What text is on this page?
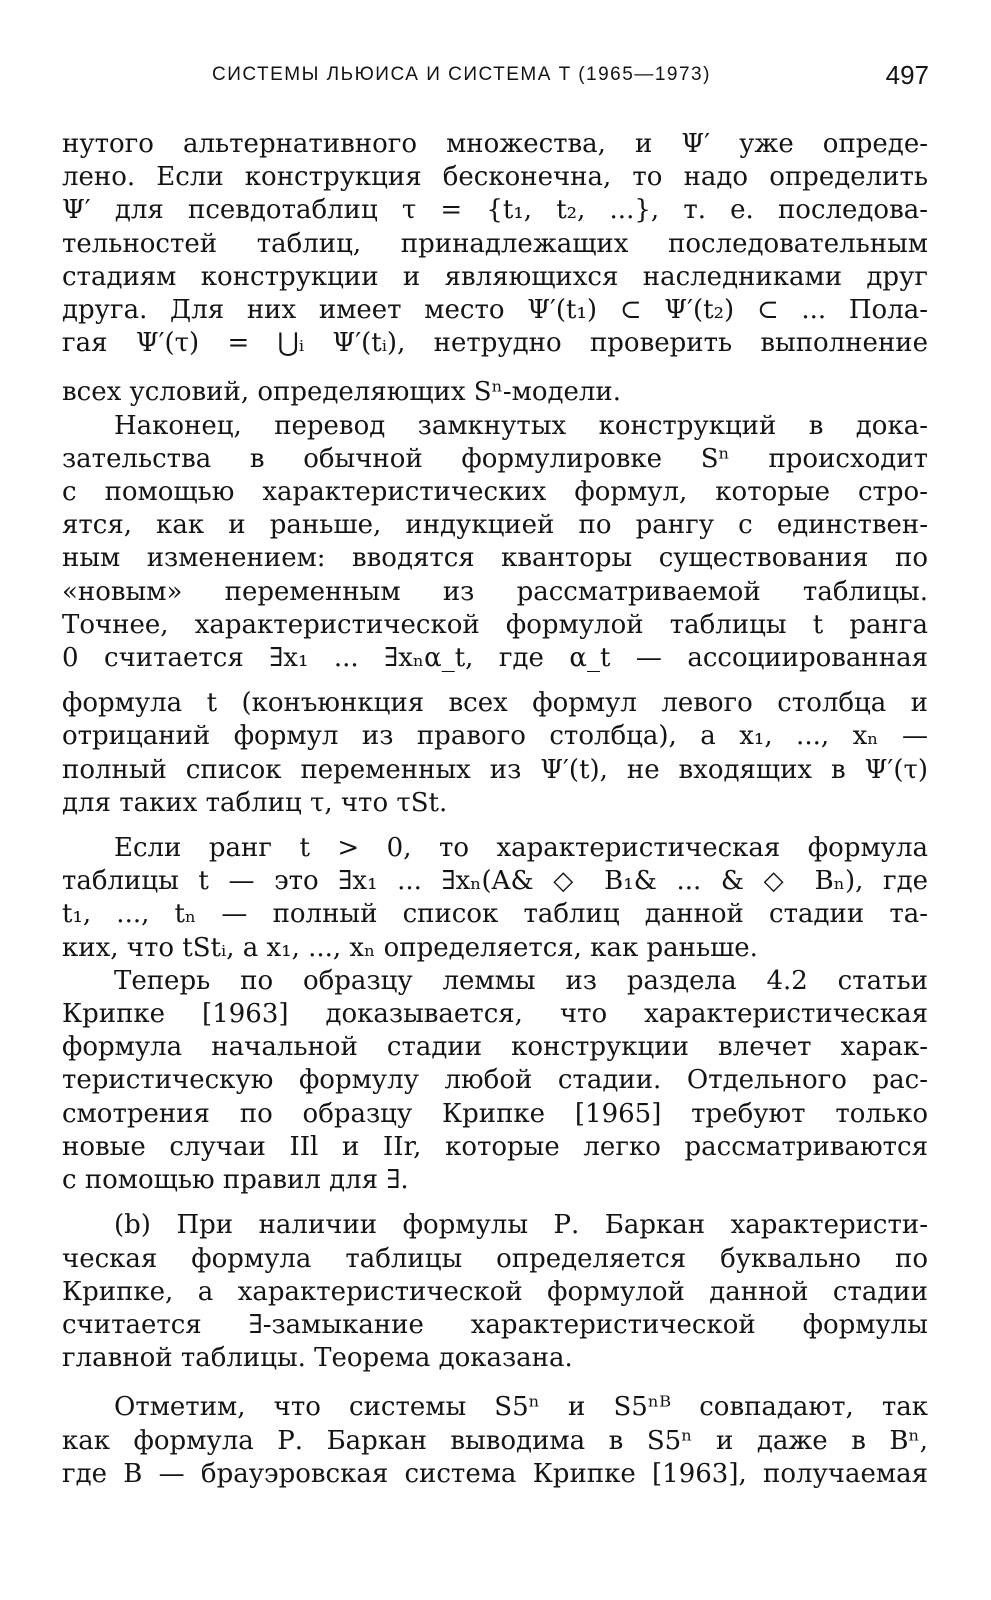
СИСТЕМЫ ЛЬЮИСА И СИСТЕМА T (1965—1973)	497

нутого альтернативного множества, и Ψ′ уже опреде-

лено. Если конструкция бесконечна, то надо определить

Ψ′ для псевдотаблиц τ = {t₁, t₂, ...}, т. е. последова-

тельностей таблиц, принадлежащих последовательным

стадиям конструкции и являющихся наследниками друг

друга. Для них имеет место Ψ′(t₁) ⊂ Ψ′(t₂) ⊂ ... Пола-

гая Ψ′(τ) = ⋃ᵢ Ψ′(tᵢ), нетрудно проверить выполнение

всех условий, определяющих Sⁿ-модели.

Наконец, перевод замкнутых конструкций в дока-

зательства в обычной формулировке Sⁿ происходит

с помощью характеристических формул, которые стро-

ятся, как и раньше, индукцией по рангу с единствен-

ным изменением: вводятся кванторы существования по

«новым» переменным из рассматриваемой таблицы.

Точнее, характеристической формулой таблицы t ранга

0 считается ∃x₁ ... ∃xₙα_t, где α_t — ассоциированная

формула t (конъюнкция всех формул левого столбца и

отрицаний формул из правого столбца), а x₁, ..., xₙ —

полный список переменных из Ψ′(t), не входящих в Ψ′(τ)

для таких таблиц τ, что τSt.

Если ранг t > 0, то характеристическая формула

таблицы t — это ∃x₁ ... ∃xₙ(A& ◇ B₁& ... & ◇ Bₙ), где

t₁, ..., tₙ — полный список таблиц данной стадии та-

ких, что tStᵢ, а x₁, ..., xₙ определяется, как раньше.

Теперь по образцу леммы из раздела 4.2 статьи

Крипке [1963] доказывается, что характеристическая

формула начальной стадии конструкции влечет харак-

теристическую формулу любой стадии. Отдельного рас-

смотрения по образцу Крипке [1965] требуют только

новые случаи IIl и IIr, которые легко рассматриваются

с помощью правил для ∃.

(b) При наличии формулы Р. Баркан характеристи-

ческая формула таблицы определяется буквально по

Крипке, а характеристической формулой данной стадии

считается ∃-замыкание характеристической формулы

главной таблицы. Теорема доказана.

Отметим, что системы S5ⁿ и S5ⁿᴮ совпадают, так

как формула Р. Баркан выводима в S5ⁿ и даже в Bⁿ,

где B — брауэровская система Крипке [1963], получаемая
